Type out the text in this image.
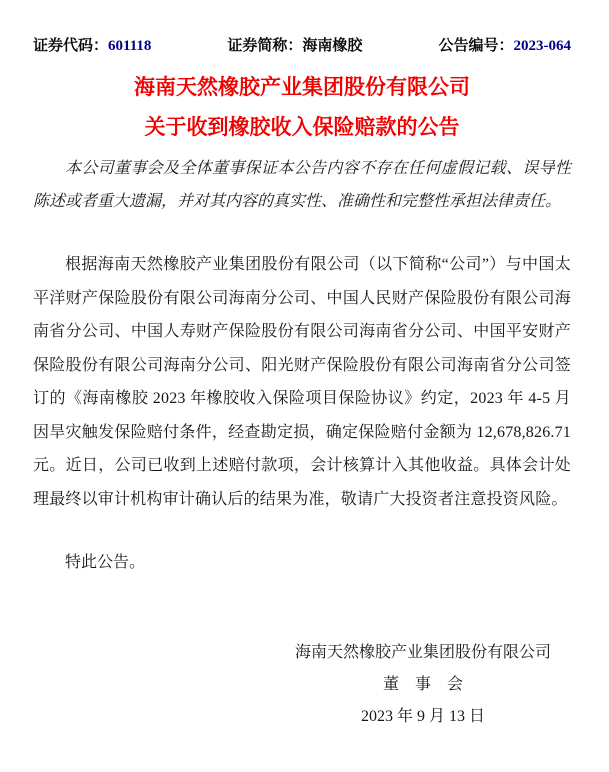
证券代码：601118	证券简称：海南橡胶	公告编号：2023-064
海南天然橡胶产业集团股份有限公司
关于收到橡胶收入保险赔款的公告

本公司董事会及全体董事保证本公告内容不存在任何虚假记载、误导性陈述或者重大遗漏，并对其内容的真实性、准确性和完整性承担法律责任。

根据海南天然橡胶产业集团股份有限公司（以下简称“公司”）与中国太平洋财产保险股份有限公司海南分公司、中国人民财产保险股份有限公司海南省分公司、中国人寿财产保险股份有限公司海南省分公司、中国平安财产保险股份有限公司海南分公司、阳光财产保险股份有限公司海南省分公司签订的《海南橡胶 2023 年橡胶收入保险项目保险协议》约定，2023 年 4-5 月因旱灾触发保险赔付条件，经查勘定损，确定保险赔付金额为 12,678,826.71 元。近日，公司已收到上述赔付款项，会计核算计入其他收益。具体会计处理最终以审计机构审计确认后的结果为准，敬请广大投资者注意投资风险。

特此公告。

海南天然橡胶产业集团股份有限公司
董　事　会
2023 年 9 月 13 日
